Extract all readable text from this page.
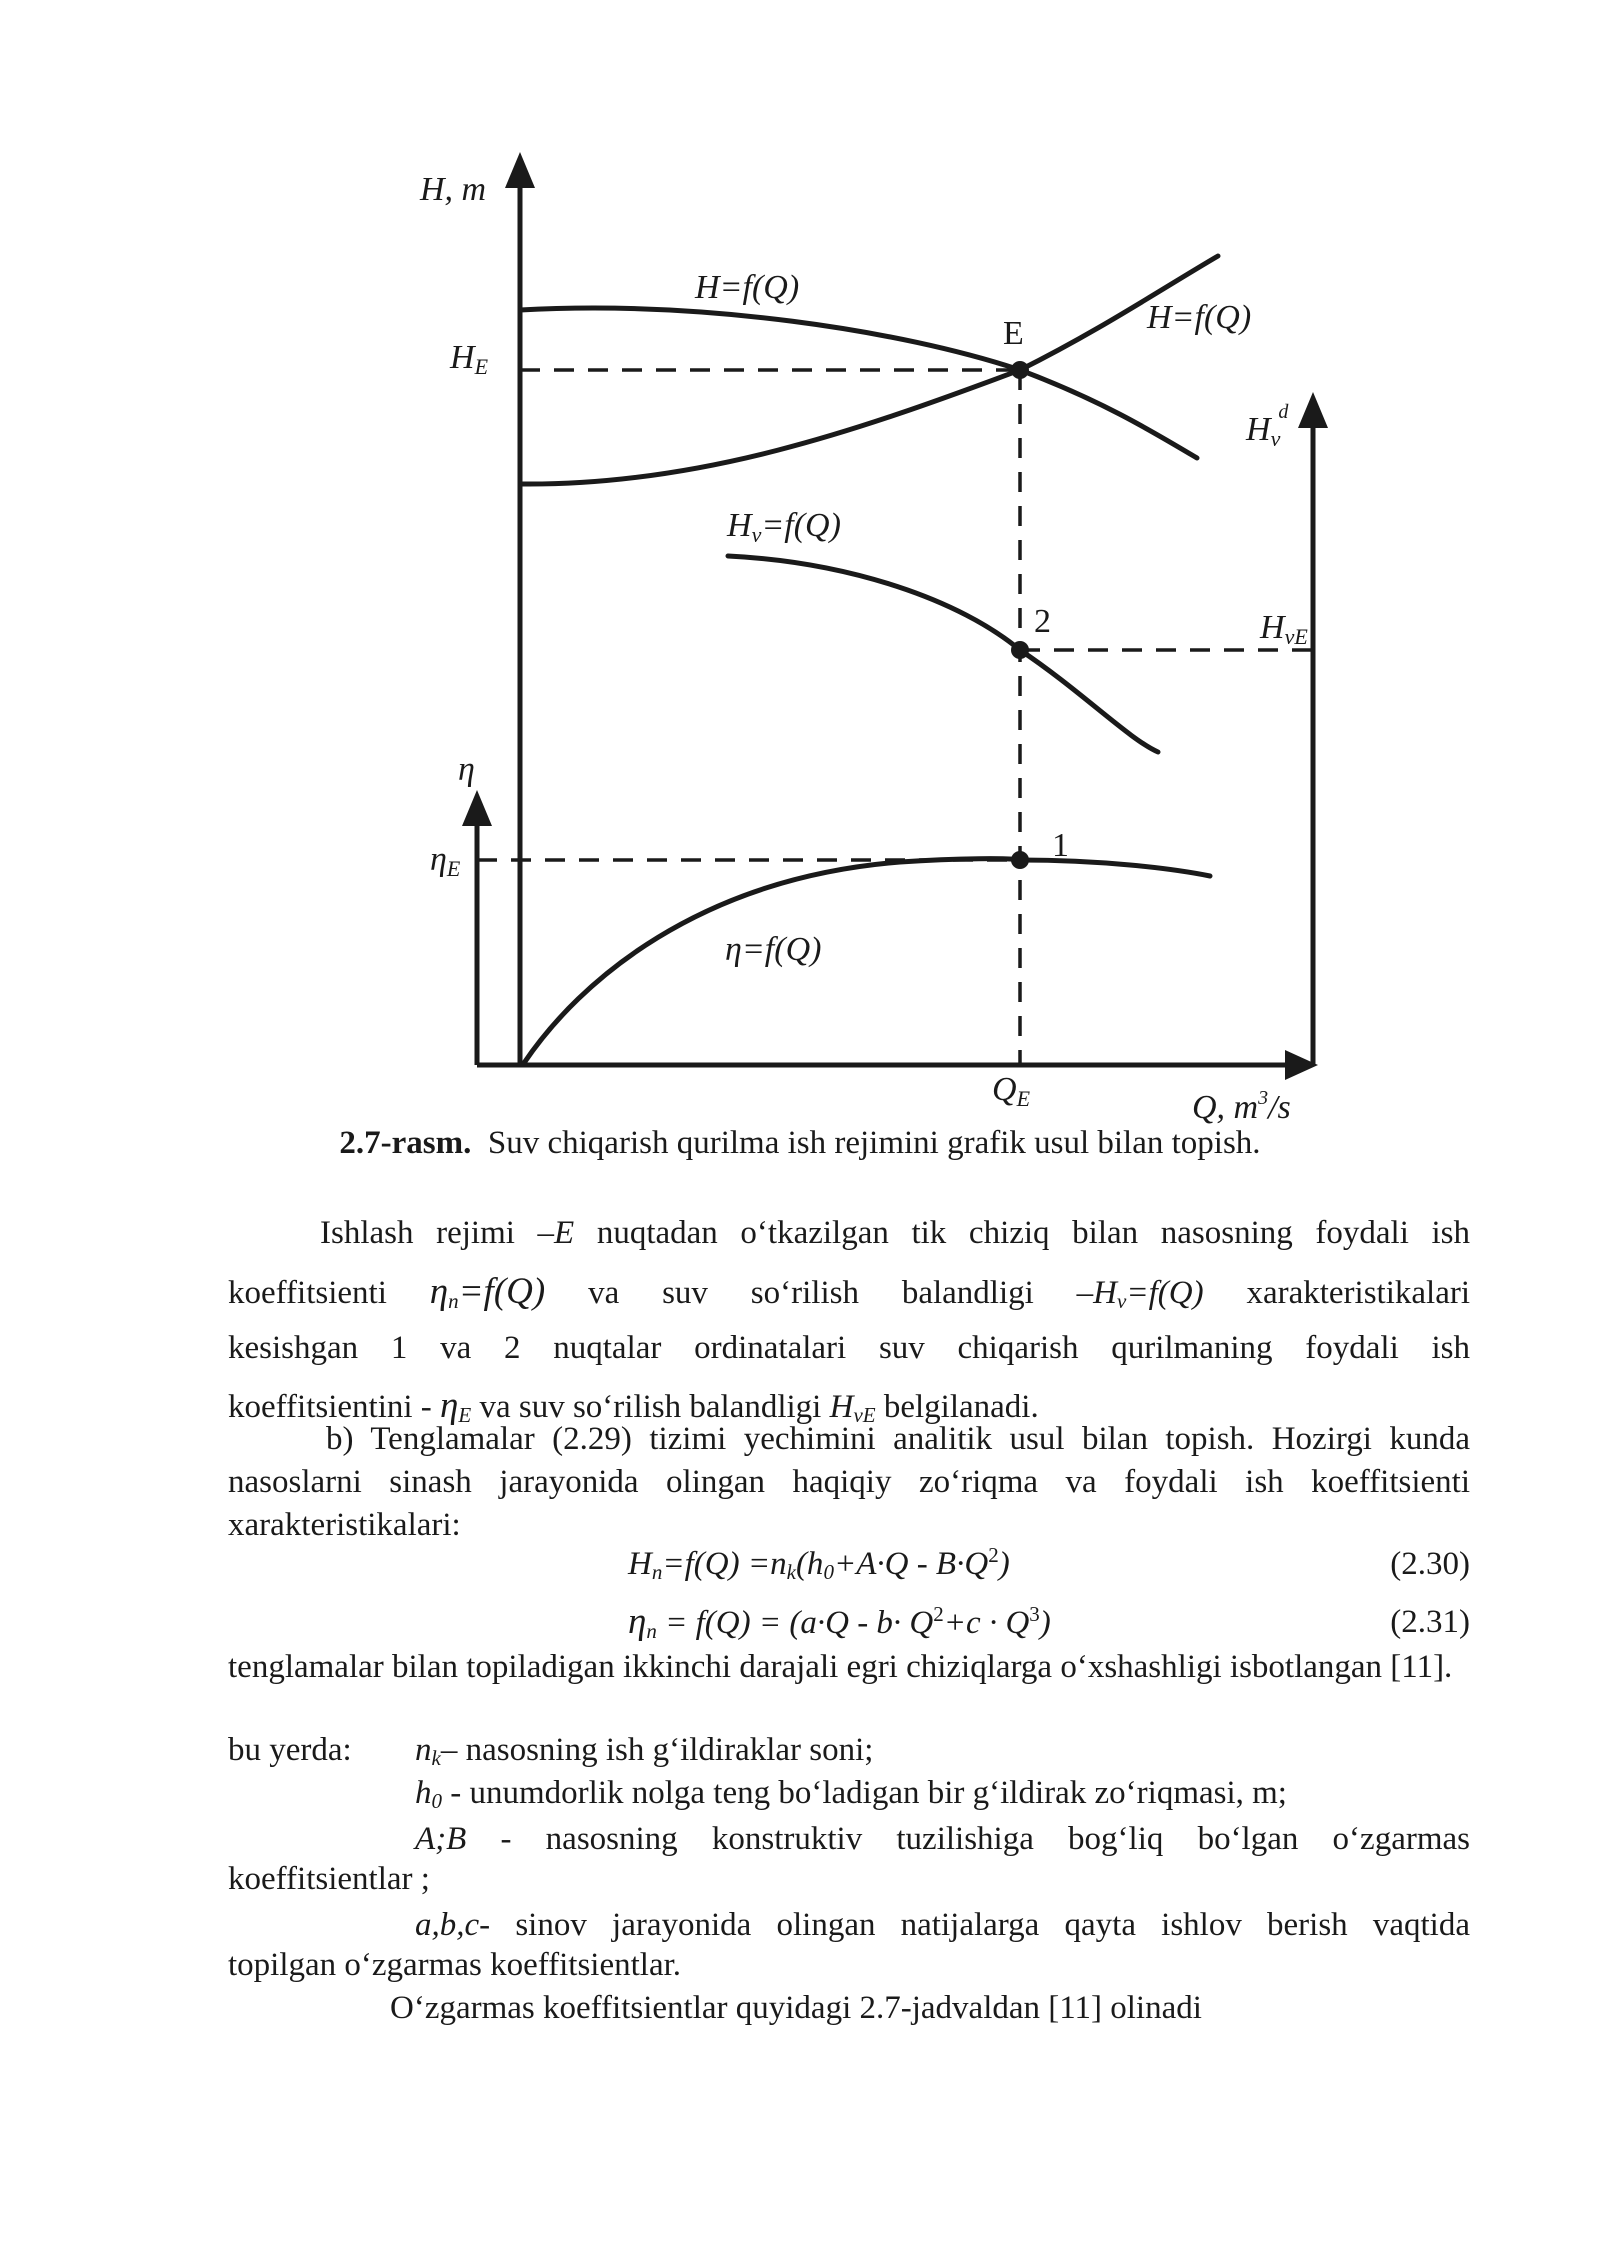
H, m
HE
H=f(Q)
E	H=f(Q)
Hvd
Hv=f(Q)
2	HvE
η
ηE
1
η=f(Q)
QE	Q, $m^3/s$
2.7-rasm. Suv chiqarish qurilma ish rejimini grafik usul bilan topish.
Ishlash rejimi –E nuqtadan o‘tkazilgan tik chiziq bilan nasosning foydali ish
koeffitsienti $\eta_n=f(Q)$ va suv so‘rilish balandligi $-H_v=f(Q)$ xarakteristikalari
kesishgan 1 va 2 nuqtalar ordinatalari suv chiqarish qurilmaning foydali ish
koeffitsientini - $\eta_E$ va suv so‘rilish balandligi $H_{vE}$ belgilanadi.

b) Tenglamalar (2.29) tizimi yechimini analitik usul bilan topish. Hozirgi kunda nasoslarni sinash jarayonida olingan haqiqiy zo‘riqma va foydali ish koeffitsienti xarakteristikalari:

$H_n=f(Q) =n_k(h_0+A\cdot Q - B\cdot Q^2)$	(2.30)
$\eta_n = f(Q) = (a\cdot Q - b\cdot Q^2+c \cdot Q^3)$	(2.31)

tenglamalar bilan topiladigan ikkinchi darajali egri chiziqlarga o‘xshashligi isbotlangan [11].

bu yerda: $n_k-$ nasosning ish g‘ildiraklar soni;
$h_0$ - unumdorlik nolga teng bo‘ladigan bir g‘ildirak zo‘riqmasi, m;
A;B - nasosning konstruktiv tuzilishiga bog‘liq bo‘lgan o‘zgarmas
koeffitsientlar ;
a,b,c- sinov jarayonida olingan natijalarga qayta ishlov berish vaqtida
topilgan o‘zgarmas koeffitsientlar.
O‘zgarmas koeffitsientlar quyidagi 2.7-jadvaldan [11] olinadi
